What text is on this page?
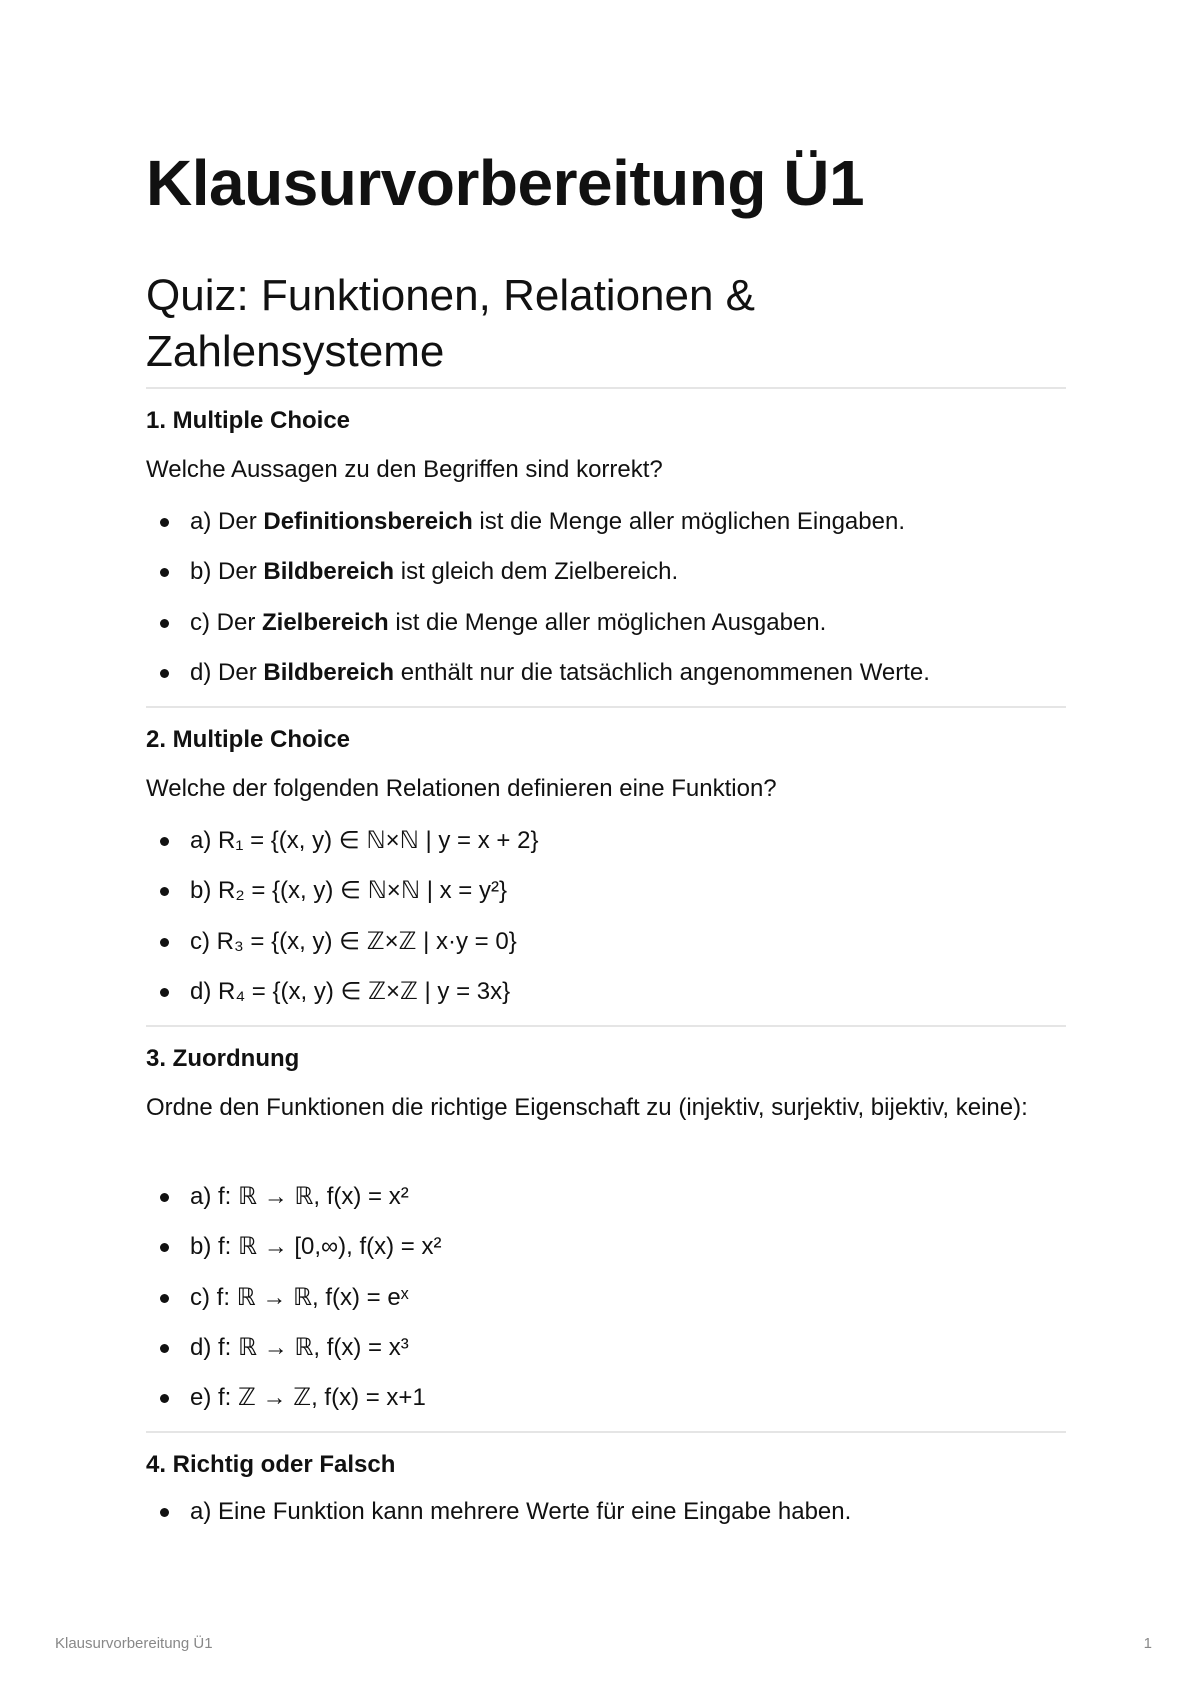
Klausurvorbereitung Ü1
Quiz: Funktionen, Relationen & Zahlensysteme
1. Multiple Choice
Welche Aussagen zu den Begriffen sind korrekt?
a) Der Definitionsbereich ist die Menge aller möglichen Eingaben.
b) Der Bildbereich ist gleich dem Zielbereich.
c) Der Zielbereich ist die Menge aller möglichen Ausgaben.
d) Der Bildbereich enthält nur die tatsächlich angenommenen Werte.
2. Multiple Choice
Welche der folgenden Relationen definieren eine Funktion?
a) R₁ = {(x, y) ∈ ℕ×ℕ | y = x + 2}
b) R₂ = {(x, y) ∈ ℕ×ℕ | x = y²}
c) R₃ = {(x, y) ∈ ℤ×ℤ | x·y = 0}
d) R₄ = {(x, y) ∈ ℤ×ℤ | y = 3x}
3. Zuordnung
Ordne den Funktionen die richtige Eigenschaft zu (injektiv, surjektiv, bijektiv, keine):
a) f: ℝ → ℝ, f(x) = x²
b) f: ℝ → [0,∞), f(x) = x²
c) f: ℝ → ℝ, f(x) = eˣ
d) f: ℝ → ℝ, f(x) = x³
e) f: ℤ → ℤ, f(x) = x+1
4. Richtig oder Falsch
a) Eine Funktion kann mehrere Werte für eine Eingabe haben.
Klausurvorbereitung Ü1	1
